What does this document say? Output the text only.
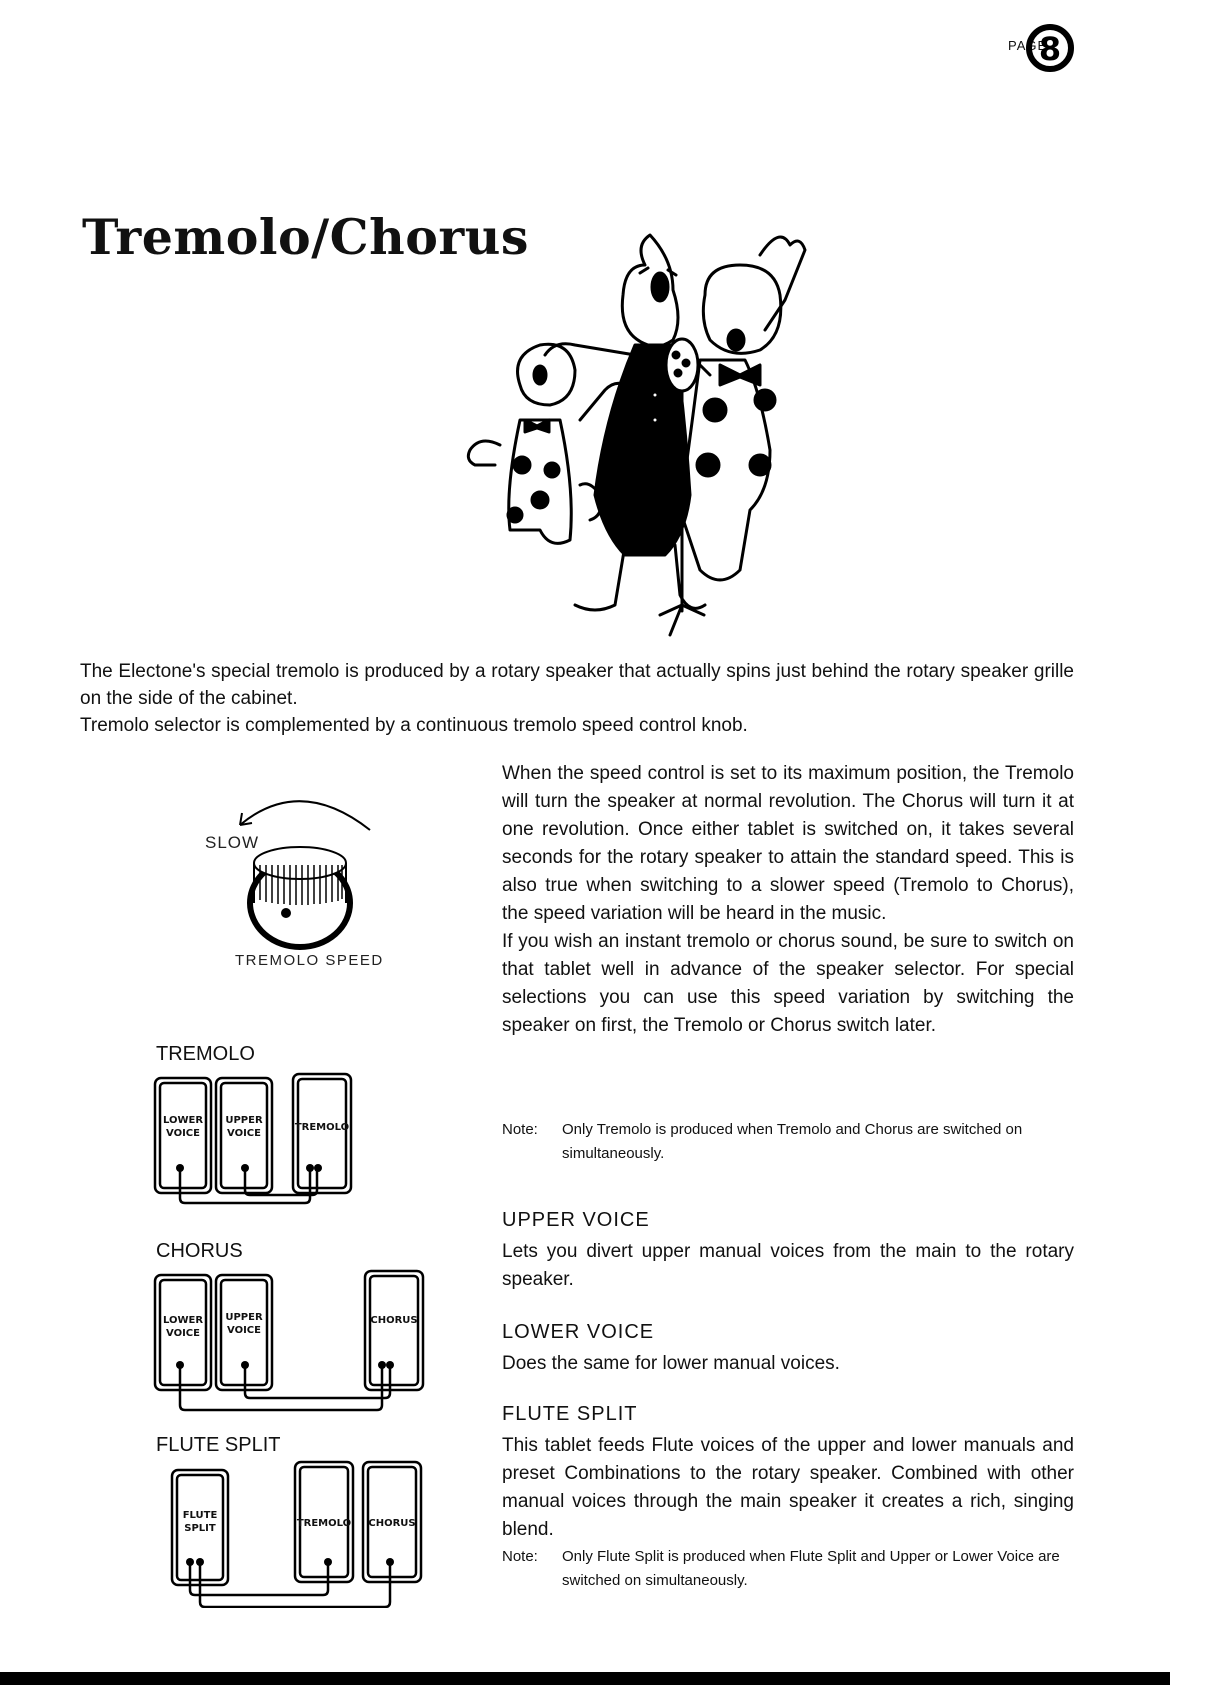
PAGE
8
Tremolo/Chorus

The Electone's special tremolo is produced by a rotary speaker that actually spins just behind the rotary speaker grille on the side of the cabinet.

Tremolo selector is complemented by a continuous tremolo speed control knob.

SLOW
TREMOLO SPEED
TREMOLO
LOWER
VOICE
UPPER
VOICE
TREMOLO
CHORUS
LOWER
VOICE
UPPER
VOICE
CHORUS
FLUTE SPLIT
FLUTE
SPLIT	TREMOLO CHORUS

When the speed control is set to its maximum position, the Tremolo will turn the speaker at normal revolution. The Chorus will turn it at one revolution. Once either tablet is switched on, it takes several seconds for the rotary speaker to attain the standard speed. This is also true when switching to a slower speed (Tremolo to Chorus), the speed variation will be heard in the music.

If you wish an instant tremolo or chorus sound, be sure to switch on that tablet well in advance of the speaker selector. For special selections you can use this speed variation by switching the speaker on first, the Tremolo or Chorus switch later.

Note:	Only Tremolo is produced when Tremolo and Chorus are switched on simultaneously.
UPPER VOICE

Lets you divert upper manual voices from the main to the rotary speaker.

LOWER VOICE

Does the same for lower manual voices.

FLUTE SPLIT

This tablet feeds Flute voices of the upper and lower manuals and preset Combinations to the rotary speaker. Combined with other manual voices through the main speaker it creates a rich, singing blend.

Note:	Only Flute Split is produced when Flute Split and Upper or Lower Voice are switched on simultaneously.
